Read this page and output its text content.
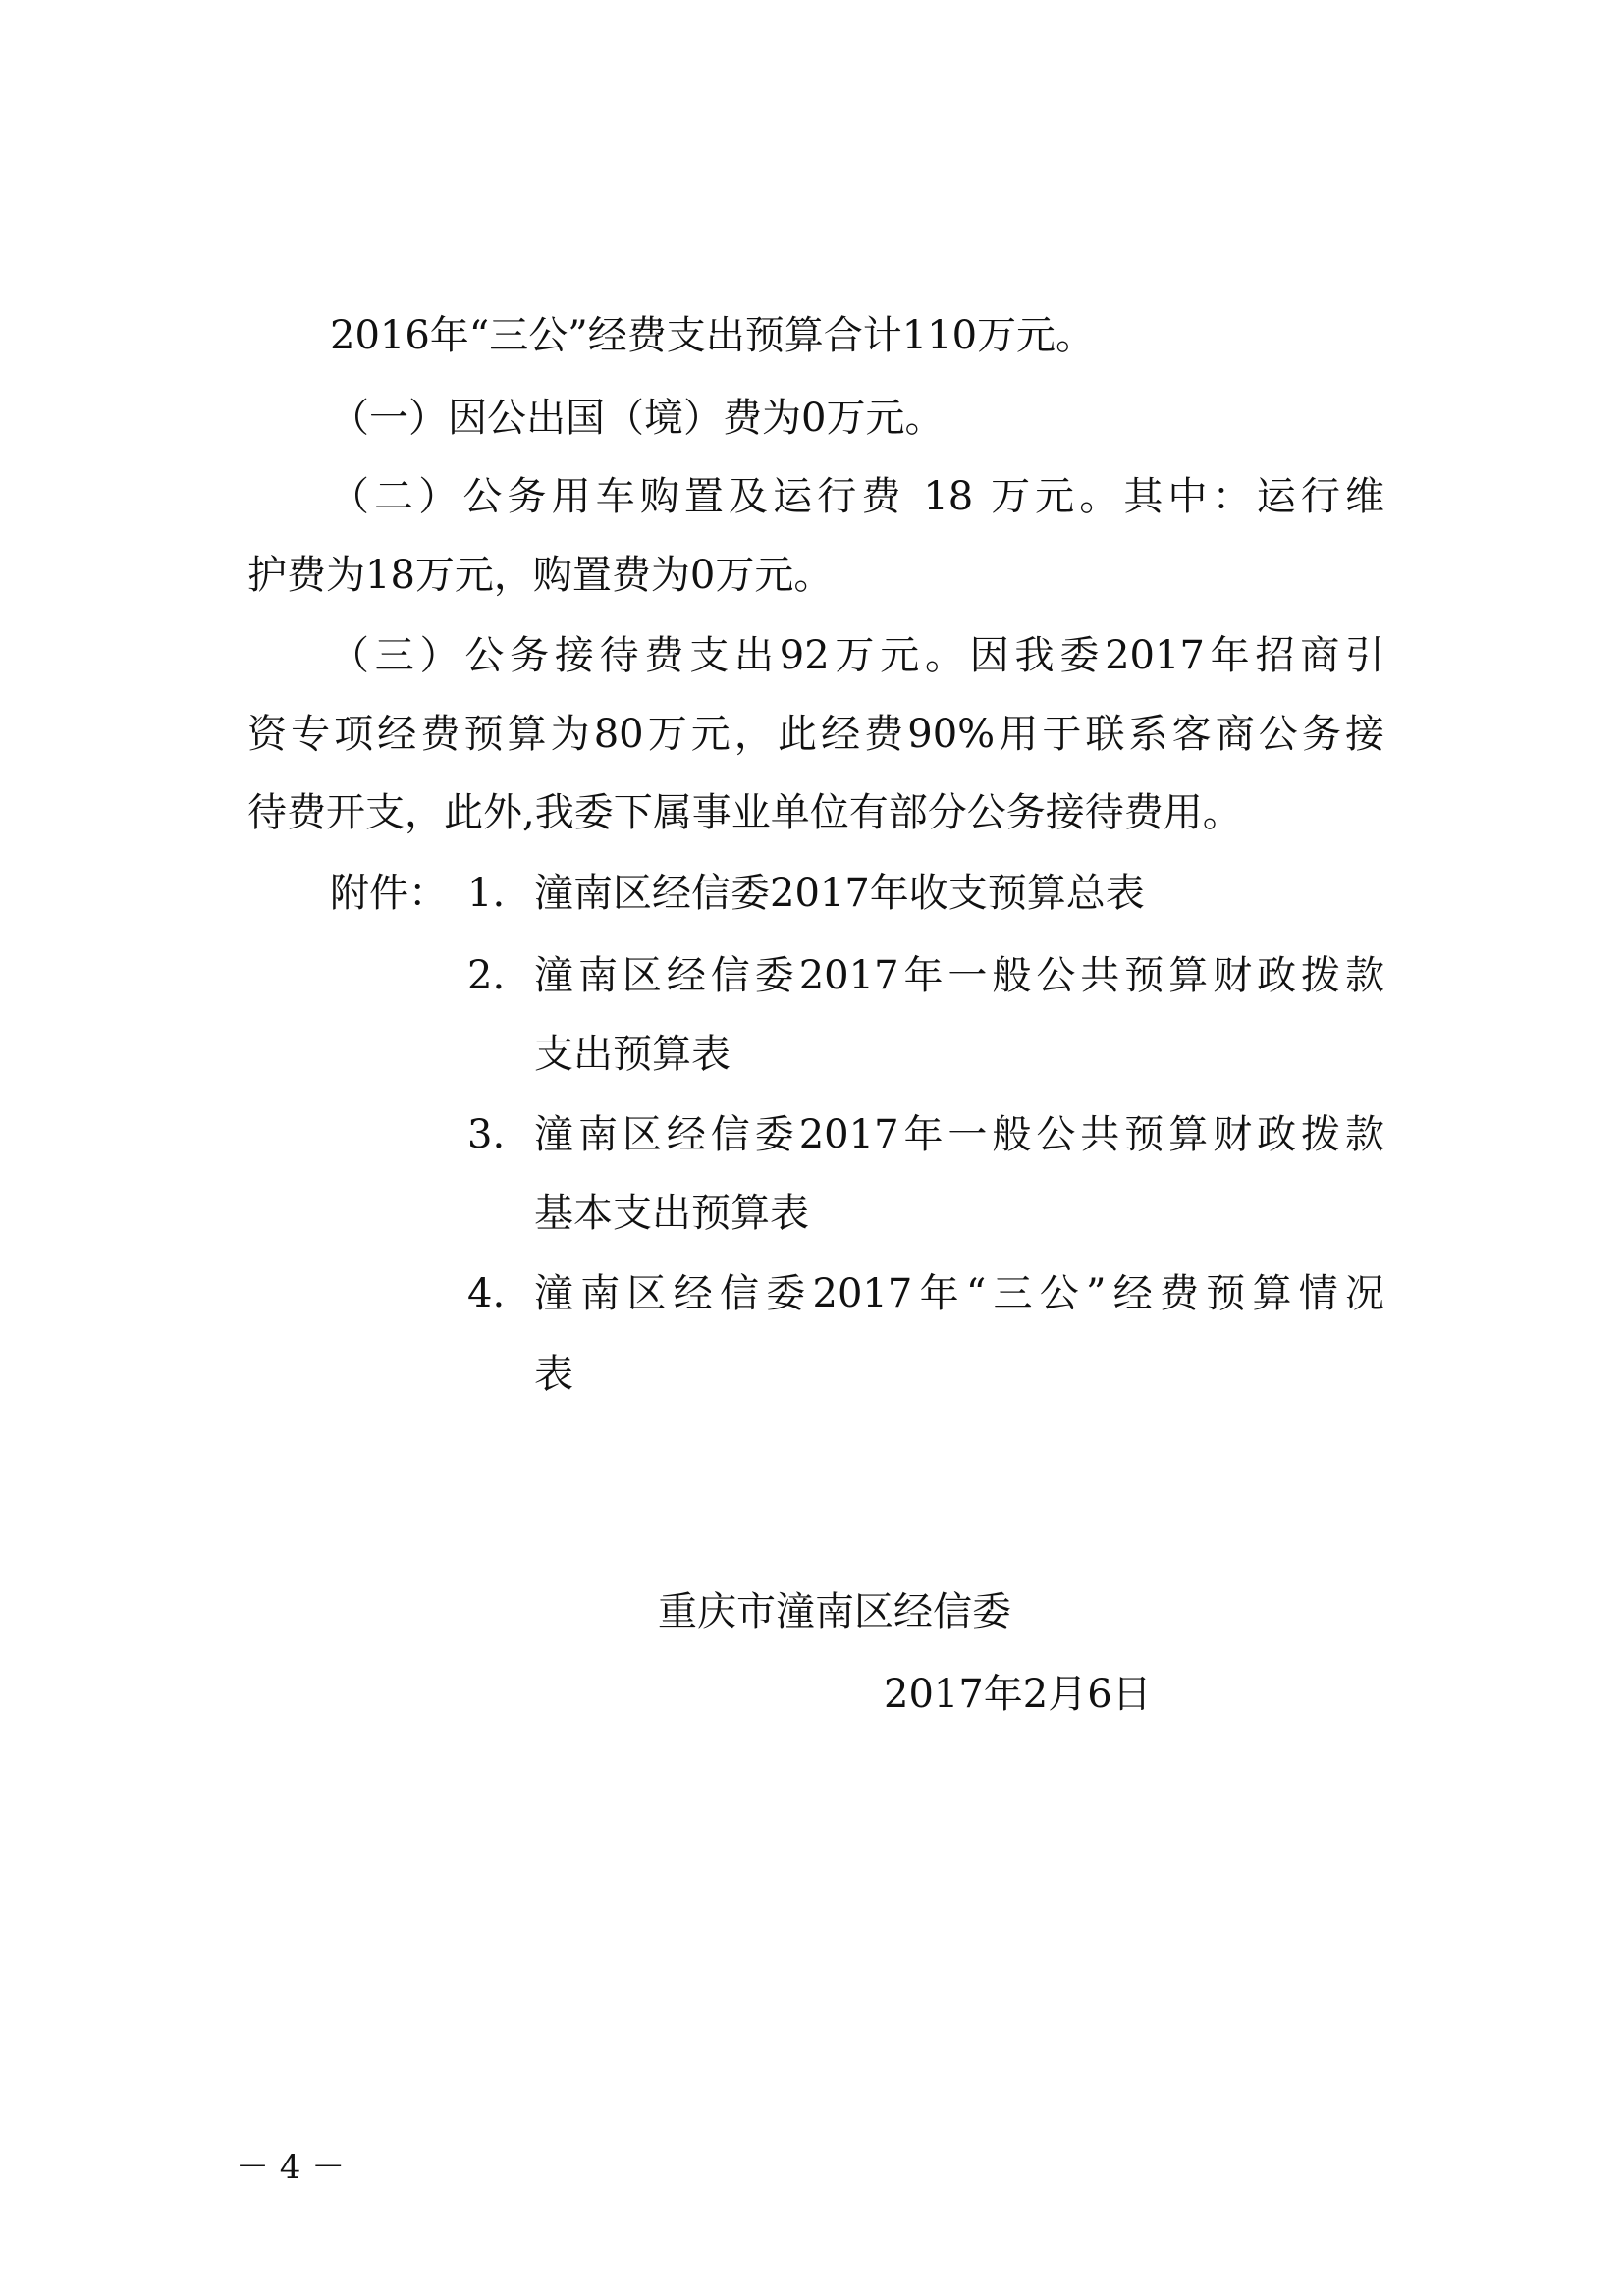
2016年“三公”经费支出预算合计110万元。
（一）因公出国（境）费为0万元。
（二）公务用车购置及运行费 18 万元。其中：运行维
护费为18万元，购置费为0万元。
（三）公务接待费支出92万元。因我委2017年招商引
资专项经费预算为80万元，此经费90%用于联系客商公务接
待费开支，此外,我委下属事业单位有部分公务接待费用。
附件： 1. 潼南区经信委2017年收支预算总表
2. 潼南区经信委2017年一般公共预算财政拨款
支出预算表
3. 潼南区经信委2017年一般公共预算财政拨款
基本支出预算表
4. 潼南区经信委2017年“三公”经费预算情况
表
重庆市潼南区经信委
2017年2月6日
－ 4 －
